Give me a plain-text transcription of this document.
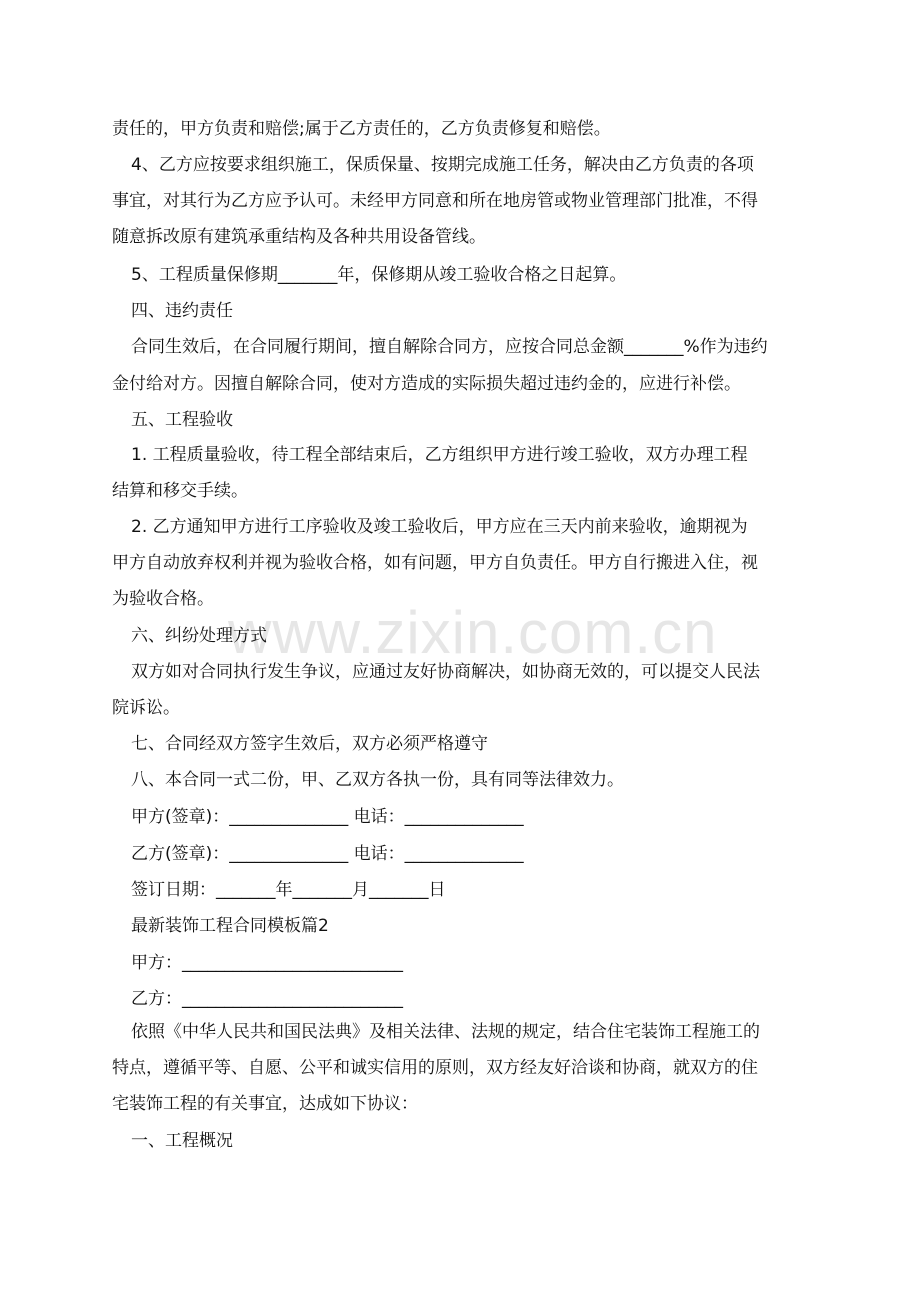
www.zixin.com.cn
责任的，甲方负责和赔偿;属于乙方责任的，乙方负责修复和赔偿。
4、乙方应按要求组织施工，保质保量、按期完成施工任务，解决由乙方负责的各项
事宜，对其行为乙方应予认可。未经甲方同意和所在地房管或物业管理部门批准，不得
随意拆改原有建筑承重结构及各种共用设备管线。
5、工程质量保修期_______年，保修期从竣工验收合格之日起算。
四、违约责任
合同生效后，在合同履行期间，擅自解除合同方，应按合同总金额_______%作为违约
金付给对方。因擅自解除合同，使对方造成的实际损失超过违约金的，应进行补偿。
五、工程验收
1. 工程质量验收，待工程全部结束后，乙方组织甲方进行竣工验收，双方办理工程
结算和移交手续。
2. 乙方通知甲方进行工序验收及竣工验收后，甲方应在三天内前来验收，逾期视为
甲方自动放弃权利并视为验收合格，如有问题，甲方自负责任。甲方自行搬进入住，视
为验收合格。
六、纠纷处理方式
双方如对合同执行发生争议，应通过友好协商解决，如协商无效的，可以提交人民法
院诉讼。
七、合同经双方签字生效后，双方必须严格遵守
八、本合同一式二份，甲、乙双方各执一份，具有同等法律效力。
甲方(签章)：______________ 电话：______________
乙方(签章)：______________ 电话：______________
签订日期：_______年_______月_______日
最新装饰工程合同模板篇2
甲方：__________________________
乙方：__________________________
依照《中华人民共和国民法典》及相关法律、法规的规定，结合住宅装饰工程施工的
特点，遵循平等、自愿、公平和诚实信用的原则，双方经友好洽谈和协商，就双方的住
宅装饰工程的有关事宜，达成如下协议：
一、工程概况
